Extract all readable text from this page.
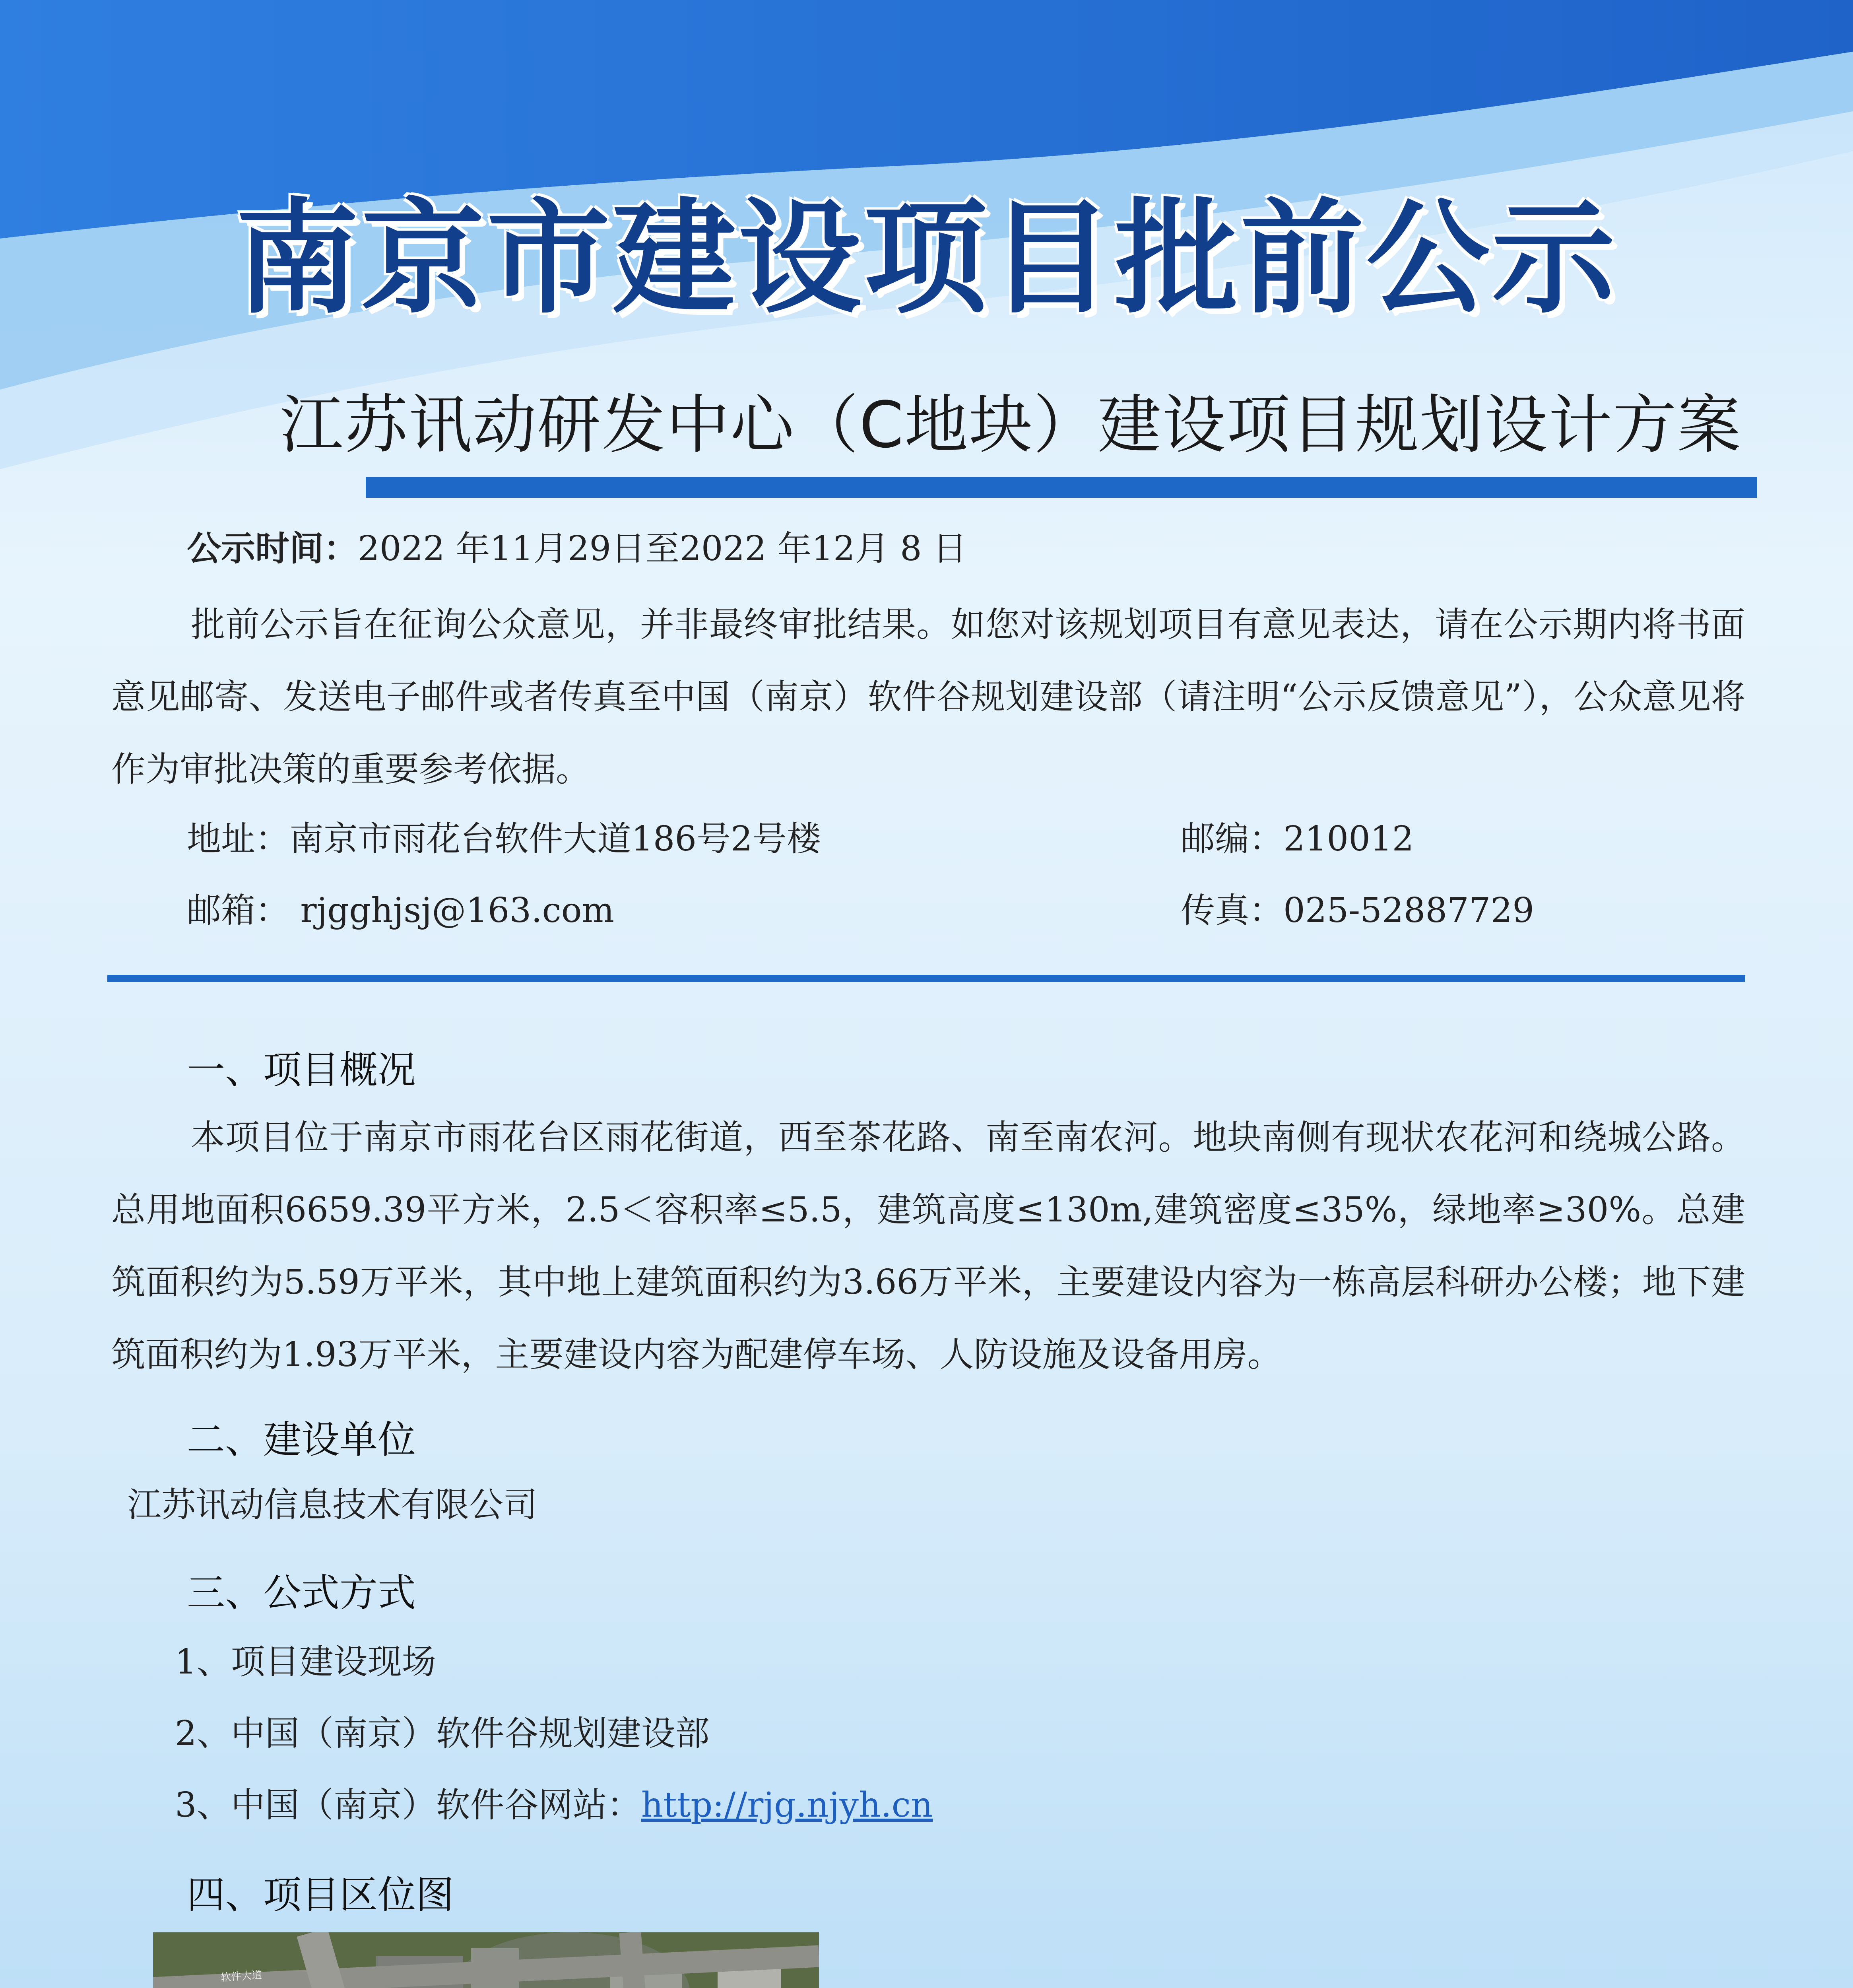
南京市建设项目批前公示
江苏讯动研发中心（C地块）建设项目规划设计方案
公示时间：2022 年11月29日至2022 年12月 8 日
批前公示旨在征询公众意见，并非最终审批结果。如您对该规划项目有意见表达，请在公示期内将书面意见邮寄、发送电子邮件或者传真至中国（南京）软件谷规划建设部（请注明“公示反馈意见”），公众意见将作为审批决策的重要参考依据。
地址：南京市雨花台软件大道186号2号楼	邮编：210012
邮箱： rjgghjsj@163.com	传真：025-52887729
一、项目概况
本项目位于南京市雨花台区雨花街道，西至茶花路、南至南农河。地块南侧有现状农花河和绕城公路。总用地面积6659.39平方米，2.5＜容积率≤5.5，建筑高度≤130m,建筑密度≤35%，绿地率≥30%。总建筑面积约为5.59万平米，其中地上建筑面积约为3.66万平米，主要建设内容为一栋高层科研办公楼；地下建筑面积约为1.93万平米，主要建设内容为配建停车场、人防设施及设备用房。
二、建设单位
江苏讯动信息技术有限公司
三、公式方式
1、项目建设现场
2、中国（南京）软件谷规划建设部
3、中国（南京）软件谷网站：http://rjg.njyh.cn
四、项目区位图
软件大道
